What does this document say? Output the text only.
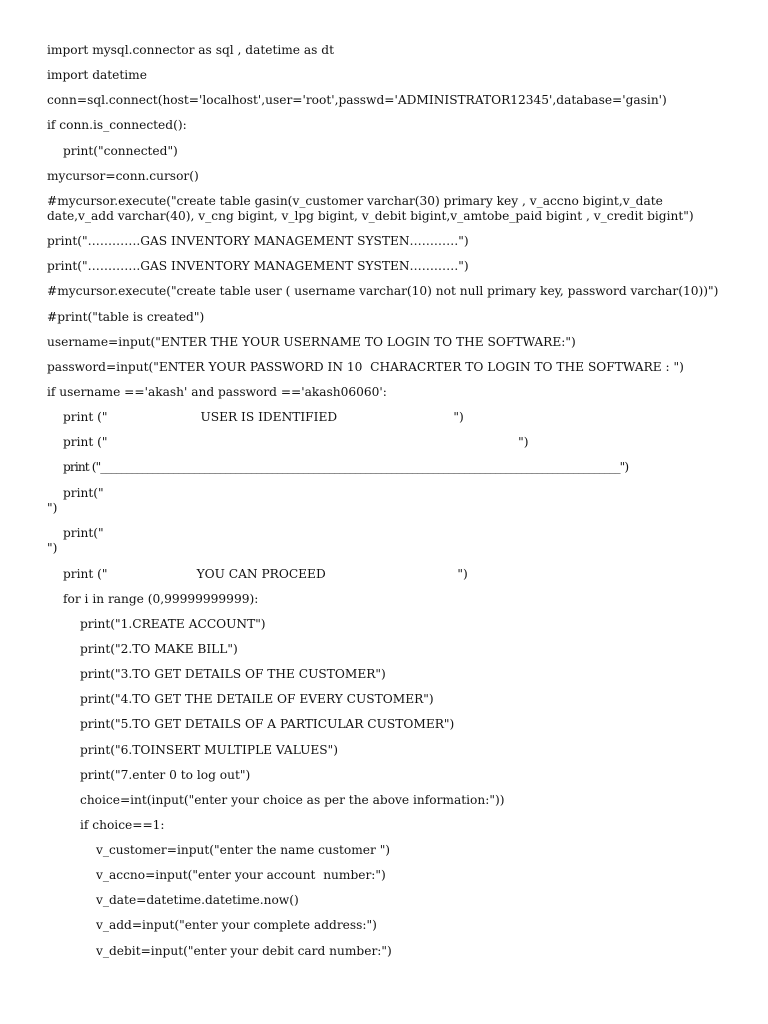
import mysql.connector as sql , datetime as dt

import datetime

conn=sql.connect(host='localhost',user='root',passwd='ADMINISTRATOR12345',database='gasin')

if conn.is_connected():

print("connected")

mycursor=conn.cursor()

#mycursor.execute("create table gasin(v_customer varchar(30) primary key , v_accno bigint,v_date

date,v_add varchar(40), v_cng bigint, v_lpg bigint, v_debit bigint,v_amtobe_paid bigint , v_credit bigint")

print("………….GAS INVENTORY MANAGEMENT SYSTEN…………")

print("………….GAS INVENTORY MANAGEMENT SYSTEN…………")

#mycursor.execute("create table user ( username varchar(10) not null primary key, password varchar(10))")

#print("table is created")

username=input("ENTER THE YOUR USERNAME TO LOGIN TO THE SOFTWARE:")

password=input("ENTER YOUR PASSWORD IN 10  CHARACRTER TO LOGIN TO THE SOFTWARE : ")

if username =='akash' and password =='akash06060':

print ("                        USER IS IDENTIFIED                              ")

print ("                                                                                                          ")

print ("____________________________________________________________________________________________________")

print("

")

print("

")

print ("                       YOU CAN PROCEED                                  ")

for i in range (0,99999999999):

print("1.CREATE ACCOUNT")

print("2.TO MAKE BILL")

print("3.TO GET DETAILS OF THE CUSTOMER")

print("4.TO GET THE DETAILE OF EVERY CUSTOMER")

print("5.TO GET DETAILS OF A PARTICULAR CUSTOMER")

print("6.TOINSERT MULTIPLE VALUES")

print("7.enter 0 to log out")

choice=int(input("enter your choice as per the above information:"))

if choice==1:

v_customer=input("enter the name customer ")

v_accno=input("enter your account  number:")

v_date=datetime.datetime.now()

v_add=input("enter your complete address:")

v_debit=input("enter your debit card number:")
